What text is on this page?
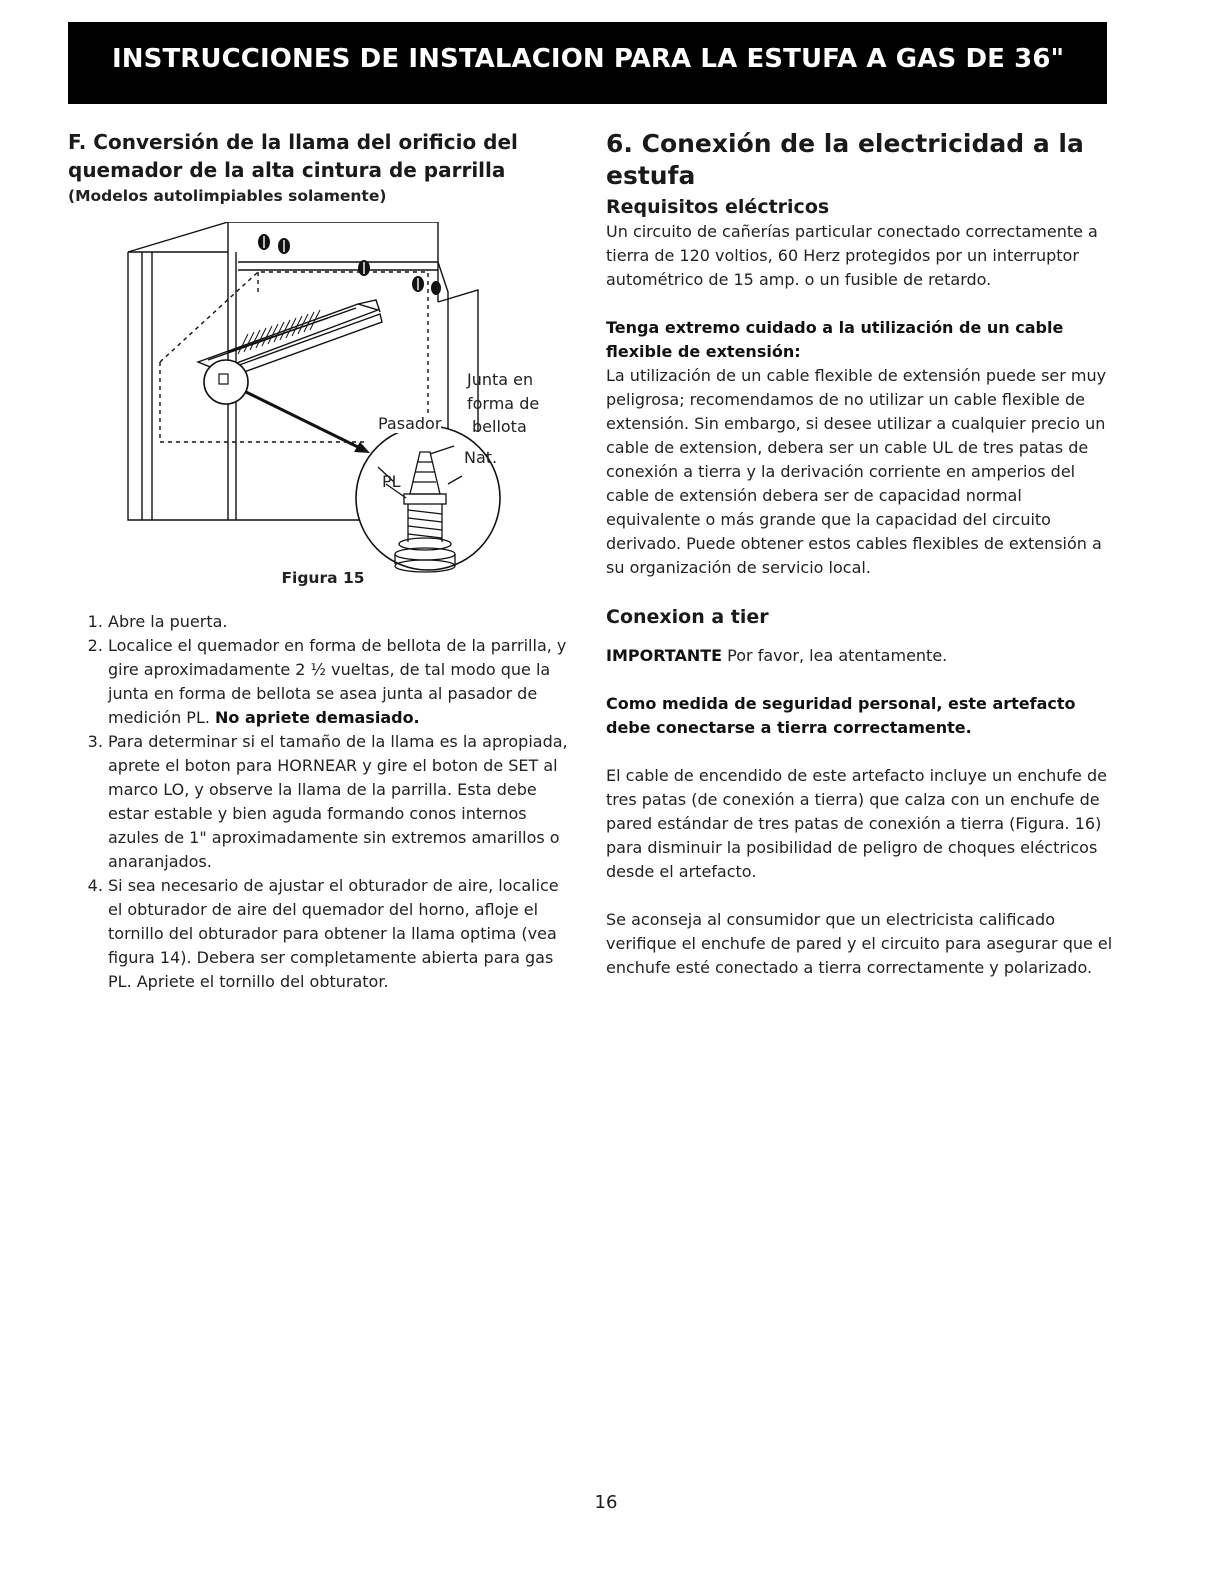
INSTRUCCIONES DE INSTALACION PARA LA ESTUFA A GAS DE 36"
F. Conversión de la llama del orificio del quemador de la alta cintura de parrilla

(Modelos autolimpiables solamente)

Junta en
forma de
bellota
Pasador
Nat.
PL

Figura 15

1. Abre la puerta.
2. Localice el quemador en forma de bellota de la parrilla, y gire aproximadamente 2 ½ vueltas, de tal modo que la junta en forma de bellota se asea junta al pasador de medición PL. No apriete demasiado.
3. Para determinar si el tamaño de la llama es la apropiada, aprete el boton para HORNEAR y gire el boton de SET al marco LO, y observe la llama de la parrilla. Esta debe estar estable y bien aguda formando conos internos azules de 1" aproximadamente sin extremos amarillos o anaranjados.
4. Si sea necesario de ajustar el obturador de aire, localice el obturador de aire del quemador del horno, afloje el tornillo del obturador para obtener la llama optima (vea figura 14). Debera ser completamente abierta para gas PL. Apriete el tornillo del obturator.
6. Conexión de la electricidad a la estufa
Requisitos eléctricos

Un circuito de cañerías particular conectado correctamente a tierra de 120 voltios, 60 Herz protegidos por un interruptor autométrico de 15 amp. o un fusible de retardo.

Tenga extremo cuidado a la utilización de un cable flexible de extensión:

La utilización de un cable flexible de extensión puede ser muy peligrosa; recomendamos de no utilizar un cable flexible de extensión. Sin embargo, si desee utilizar a cualquier precio un cable de extension, debera ser un cable UL de tres patas de conexión a tierra y la derivación corriente en amperios del cable de extensión debera ser de capacidad normal equivalente o más grande que la capacidad del circuito derivado. Puede obtener estos cables flexibles de extensión a su organización de servicio local.

Conexion a tier

IMPORTANTE Por favor, lea atentamente.

Como medida de seguridad personal, este artefacto debe conectarse a tierra correctamente.

El cable de encendido de este artefacto incluye un enchufe de tres patas (de conexión a tierra) que calza con un enchufe de pared estándar de tres patas de conexión a tierra (Figura. 16) para disminuir la posibilidad de peligro de choques eléctricos desde el artefacto.

Se aconseja al consumidor que un electricista calificado verifique el enchufe de pared y el circuito para asegurar que el enchufe esté conectado a tierra correctamente y polarizado.

16
